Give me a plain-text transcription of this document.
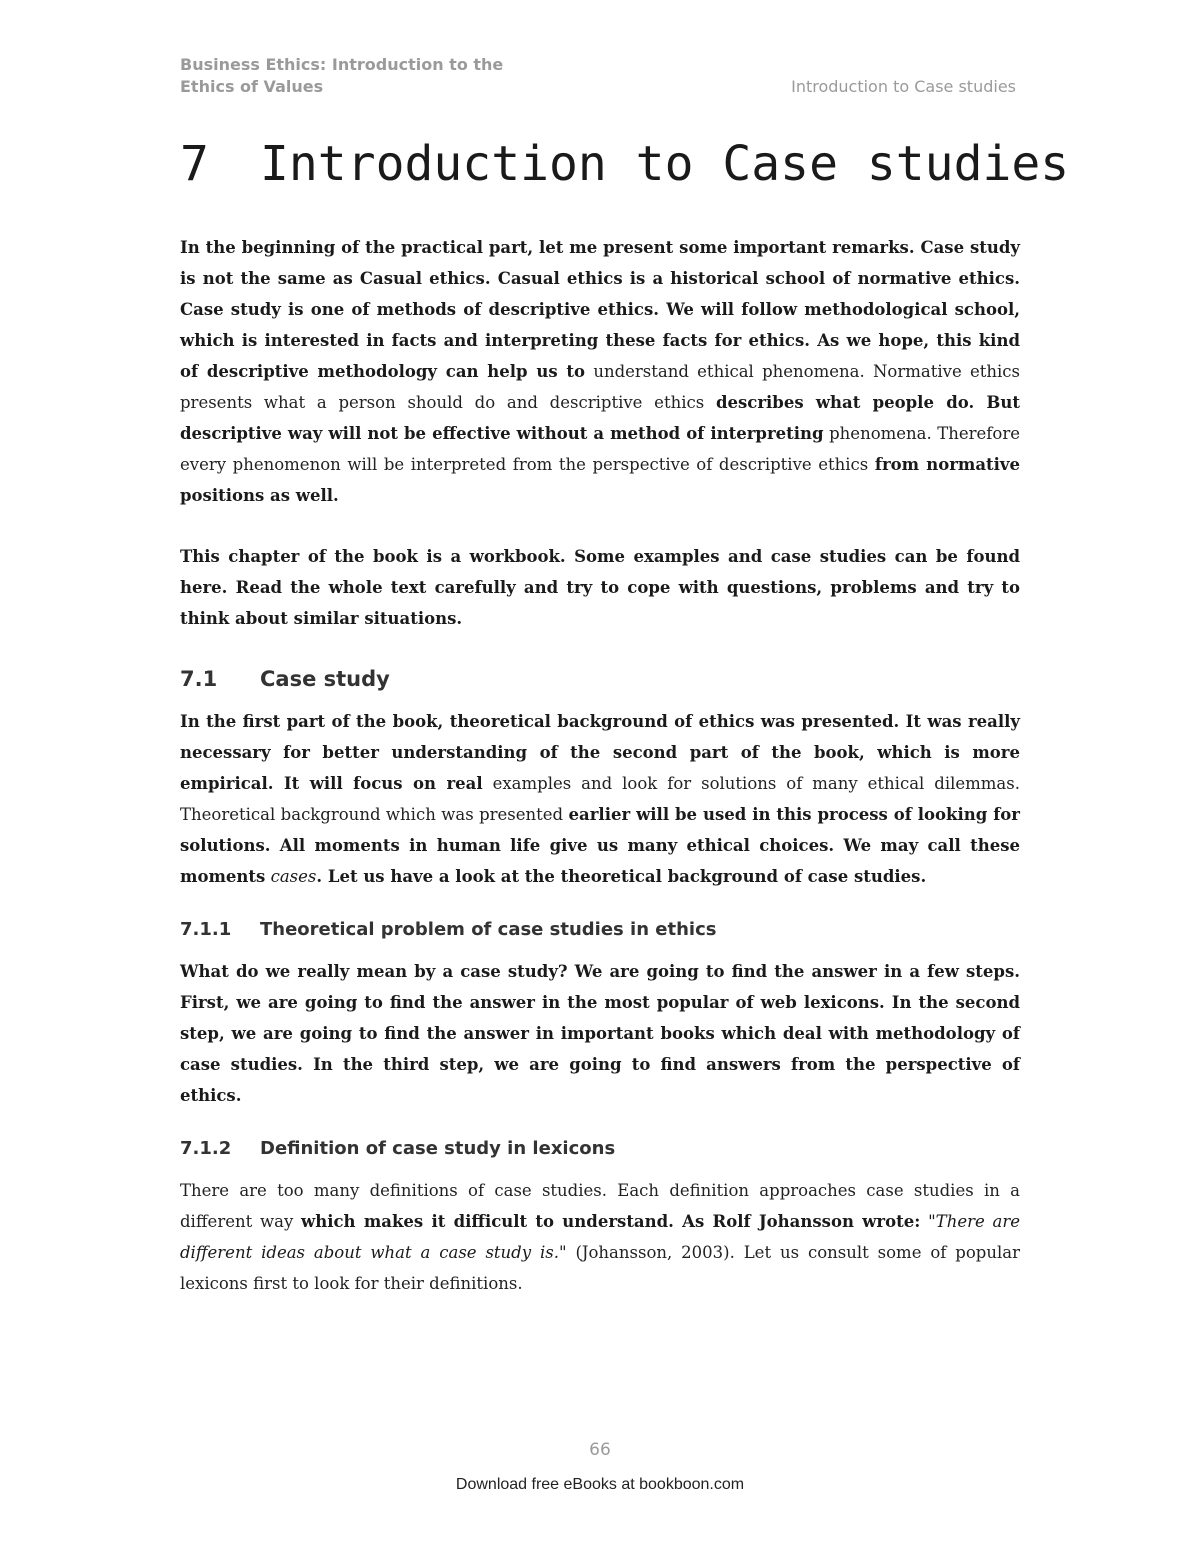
Business Ethics: Introduction to the
Ethics of Values	Introduction to Case studies
7 Introduction to Case studies

In the beginning of the practical part, let me present some important remarks. Case study is not the same as Casual ethics. Casual ethics is a historical school of normative ethics. Case study is one of methods of descriptive ethics. We will follow methodological school, which is interested in facts and interpreting these facts for ethics. As we hope, this kind of descriptive methodology can help us to understand ethical phenomena. Normative ethics presents what a person should do and descriptive ethics describes what people do. But descriptive way will not be effective without a method of interpreting phenomena. Therefore every phenomenon will be interpreted from the perspective of descriptive ethics from normative positions as well.

This chapter of the book is a workbook. Some examples and case studies can be found here. Read the whole text carefully and try to cope with questions, problems and try to think about similar situations.

7.1 Case study

In the first part of the book, theoretical background of ethics was presented. It was really necessary for better understanding of the second part of the book, which is more empirical. It will focus on real examples and look for solutions of many ethical dilemmas. Theoretical background which was presented earlier will be used in this process of looking for solutions. All moments in human life give us many ethical choices. We may call these moments cases. Let us have a look at the theoretical background of case studies.

7.1.1 Theoretical problem of case studies in ethics

What do we really mean by a case study? We are going to find the answer in a few steps. First, we are going to find the answer in the most popular of web lexicons. In the second step, we are going to find the answer in important books which deal with methodology of case studies. In the third step, we are going to find answers from the perspective of ethics.

7.1.2 Definition of case study in lexicons

There are too many definitions of case studies. Each definition approaches case studies in a different way which makes it difficult to understand. As Rolf Johansson wrote: "There are different ideas about what a case study is." (Johansson, 2003). Let us consult some of popular lexicons first to look for their definitions.

66
Download free eBooks at bookboon.com
